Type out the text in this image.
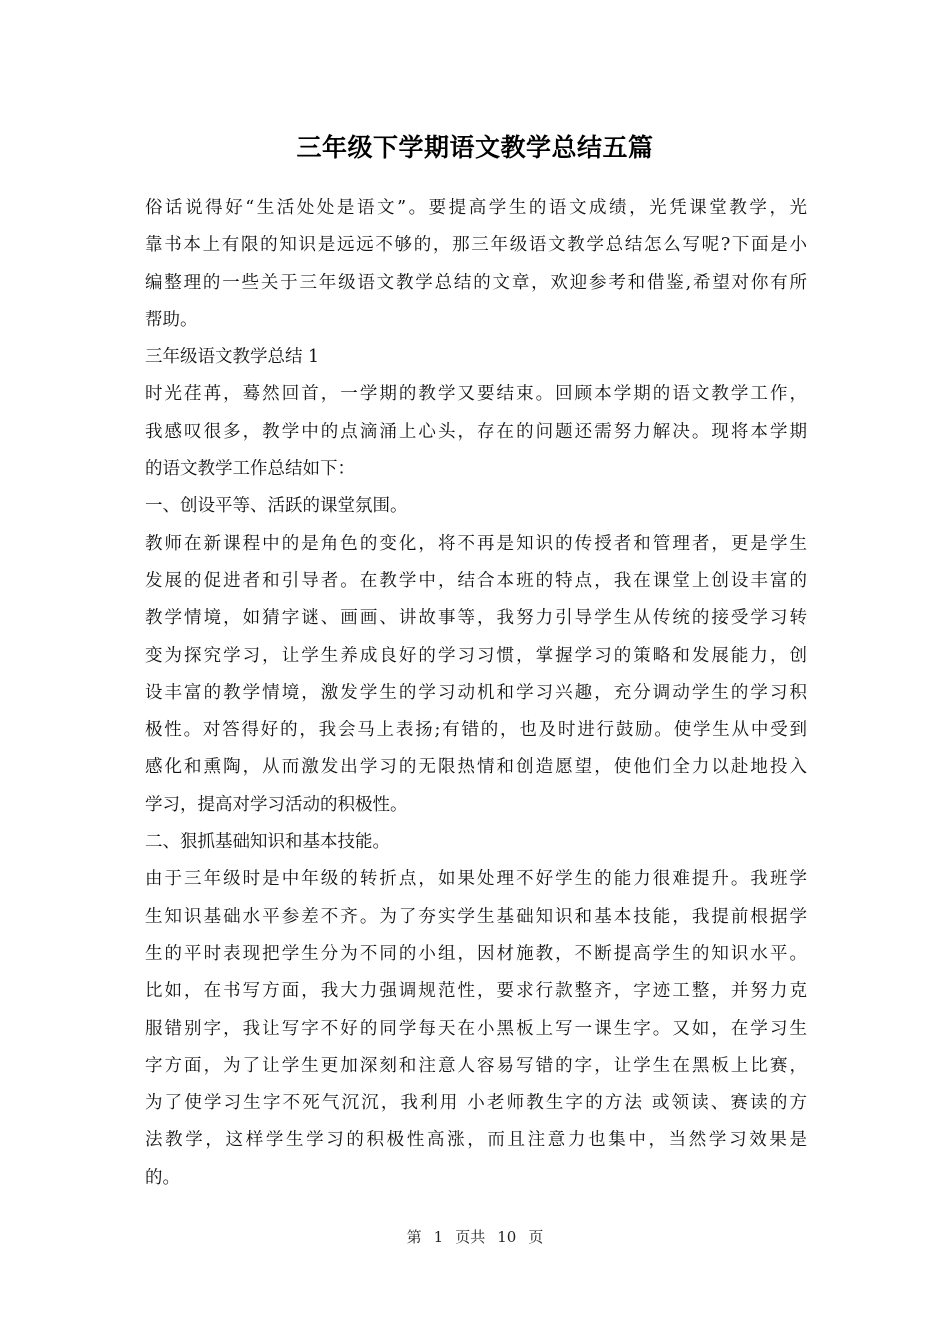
三年级下学期语文教学总结五篇
俗话说得好“生活处处是语文”。要提高学生的语文成绩，光凭课堂教学，光
靠书本上有限的知识是远远不够的，那三年级语文教学总结怎么写呢?下面是小
编整理的一些关于三年级语文教学总结的文章，欢迎参考和借鉴,希望对你有所
帮助。
三年级语文教学总结 1
时光荏苒，蓦然回首，一学期的教学又要结束。回顾本学期的语文教学工作，
我感叹很多，教学中的点滴涌上心头，存在的问题还需努力解决。现将本学期
的语文教学工作总结如下：
一、创设平等、活跃的课堂氛围。
教师在新课程中的是角色的变化，将不再是知识的传授者和管理者，更是学生
发展的促进者和引导者。在教学中，结合本班的特点，我在课堂上创设丰富的
教学情境，如猜字谜、画画、讲故事等，我努力引导学生从传统的接受学习转
变为探究学习，让学生养成良好的学习习惯，掌握学习的策略和发展能力，创
设丰富的教学情境，激发学生的学习动机和学习兴趣，充分调动学生的学习积
极性。对答得好的，我会马上表扬;有错的，也及时进行鼓励。使学生从中受到
感化和熏陶，从而激发出学习的无限热情和创造愿望，使他们全力以赴地投入
学习，提高对学习活动的积极性。
二、狠抓基础知识和基本技能。
由于三年级时是中年级的转折点，如果处理不好学生的能力很难提升。我班学
生知识基础水平参差不齐。为了夯实学生基础知识和基本技能，我提前根据学
生的平时表现把学生分为不同的小组，因材施教，不断提高学生的知识水平。
比如，在书写方面，我大力强调规范性，要求行款整齐，字迹工整，并努力克
服错别字，我让写字不好的同学每天在小黑板上写一课生字。又如，在学习生
字方面，为了让学生更加深刻和注意人容易写错的字，让学生在黑板上比赛，
为了使学习生字不死气沉沉，我利用 小老师教生字的方法 或领读、赛读的方
法教学，这样学生学习的积极性高涨，而且注意力也集中，当然学习效果是
的。
第 1 页共 10 页
